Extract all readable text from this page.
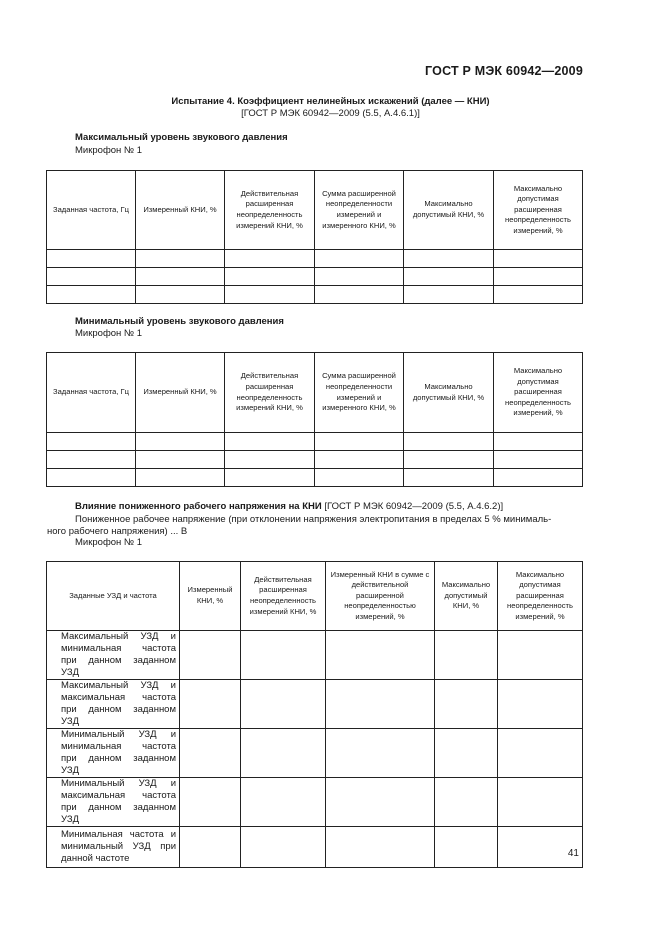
ГОСТ Р МЭК 60942—2009
Испытание 4. Коэффициент нелинейных искажений (далее — КНИ)
[ГОСТ Р МЭК 60942—2009 (5.5, А.4.6.1)]
Максимальный уровень звукового давления
Микрофон № 1
Заданная частота, Гц	Измеренный КНИ, %	Действительная расширенная неопределенность измерений КНИ, %	Сумма расширенной неопределенности измерений и измеренного КНИ, %	Максимально допустимый КНИ, %	Максимально допустимая расширенная неопределенность измерений, %

Минимальный уровень звукового давления
Микрофон № 1
Заданная частота, Гц	Измеренный КНИ, %	Действительная расширенная неопределенность измерений КНИ, %	Сумма расширенной неопределенности измерений и измеренного КНИ, %	Максимально допустимый КНИ, %	Максимально допустимая расширенная неопределенность измерений, %

Влияние пониженного рабочего напряжения на КНИ [ГОСТ Р МЭК 60942—2009 (5.5, А.4.6.2)]
Пониженное рабочее напряжение (при отклонении напряжения электропитания в пределах 5 % минималь-
ного рабочего напряжения) ... В
Микрофон № 1
Заданные УЗД и частота	Измеренный КНИ, %	Действительная расширенная неопределенность измерений КНИ, %	Измеренный КНИ в сумме с действительной расширенной неопределенностью измерений, %	Максимально допустимый КНИ, %	Максимально допустимая расширенная неопределенность измерений, %
Максимальный УЗД и минимальная частота при данном заданном УЗД					
Максимальный УЗД и максимальная частота при данном заданном УЗД					
Минимальный УЗД и минимальная частота при данном заданном УЗД					
Минимальный УЗД и максимальная частота при данном заданном УЗД					
Минимальная частота и минимальный УЗД при данной частоте						41
